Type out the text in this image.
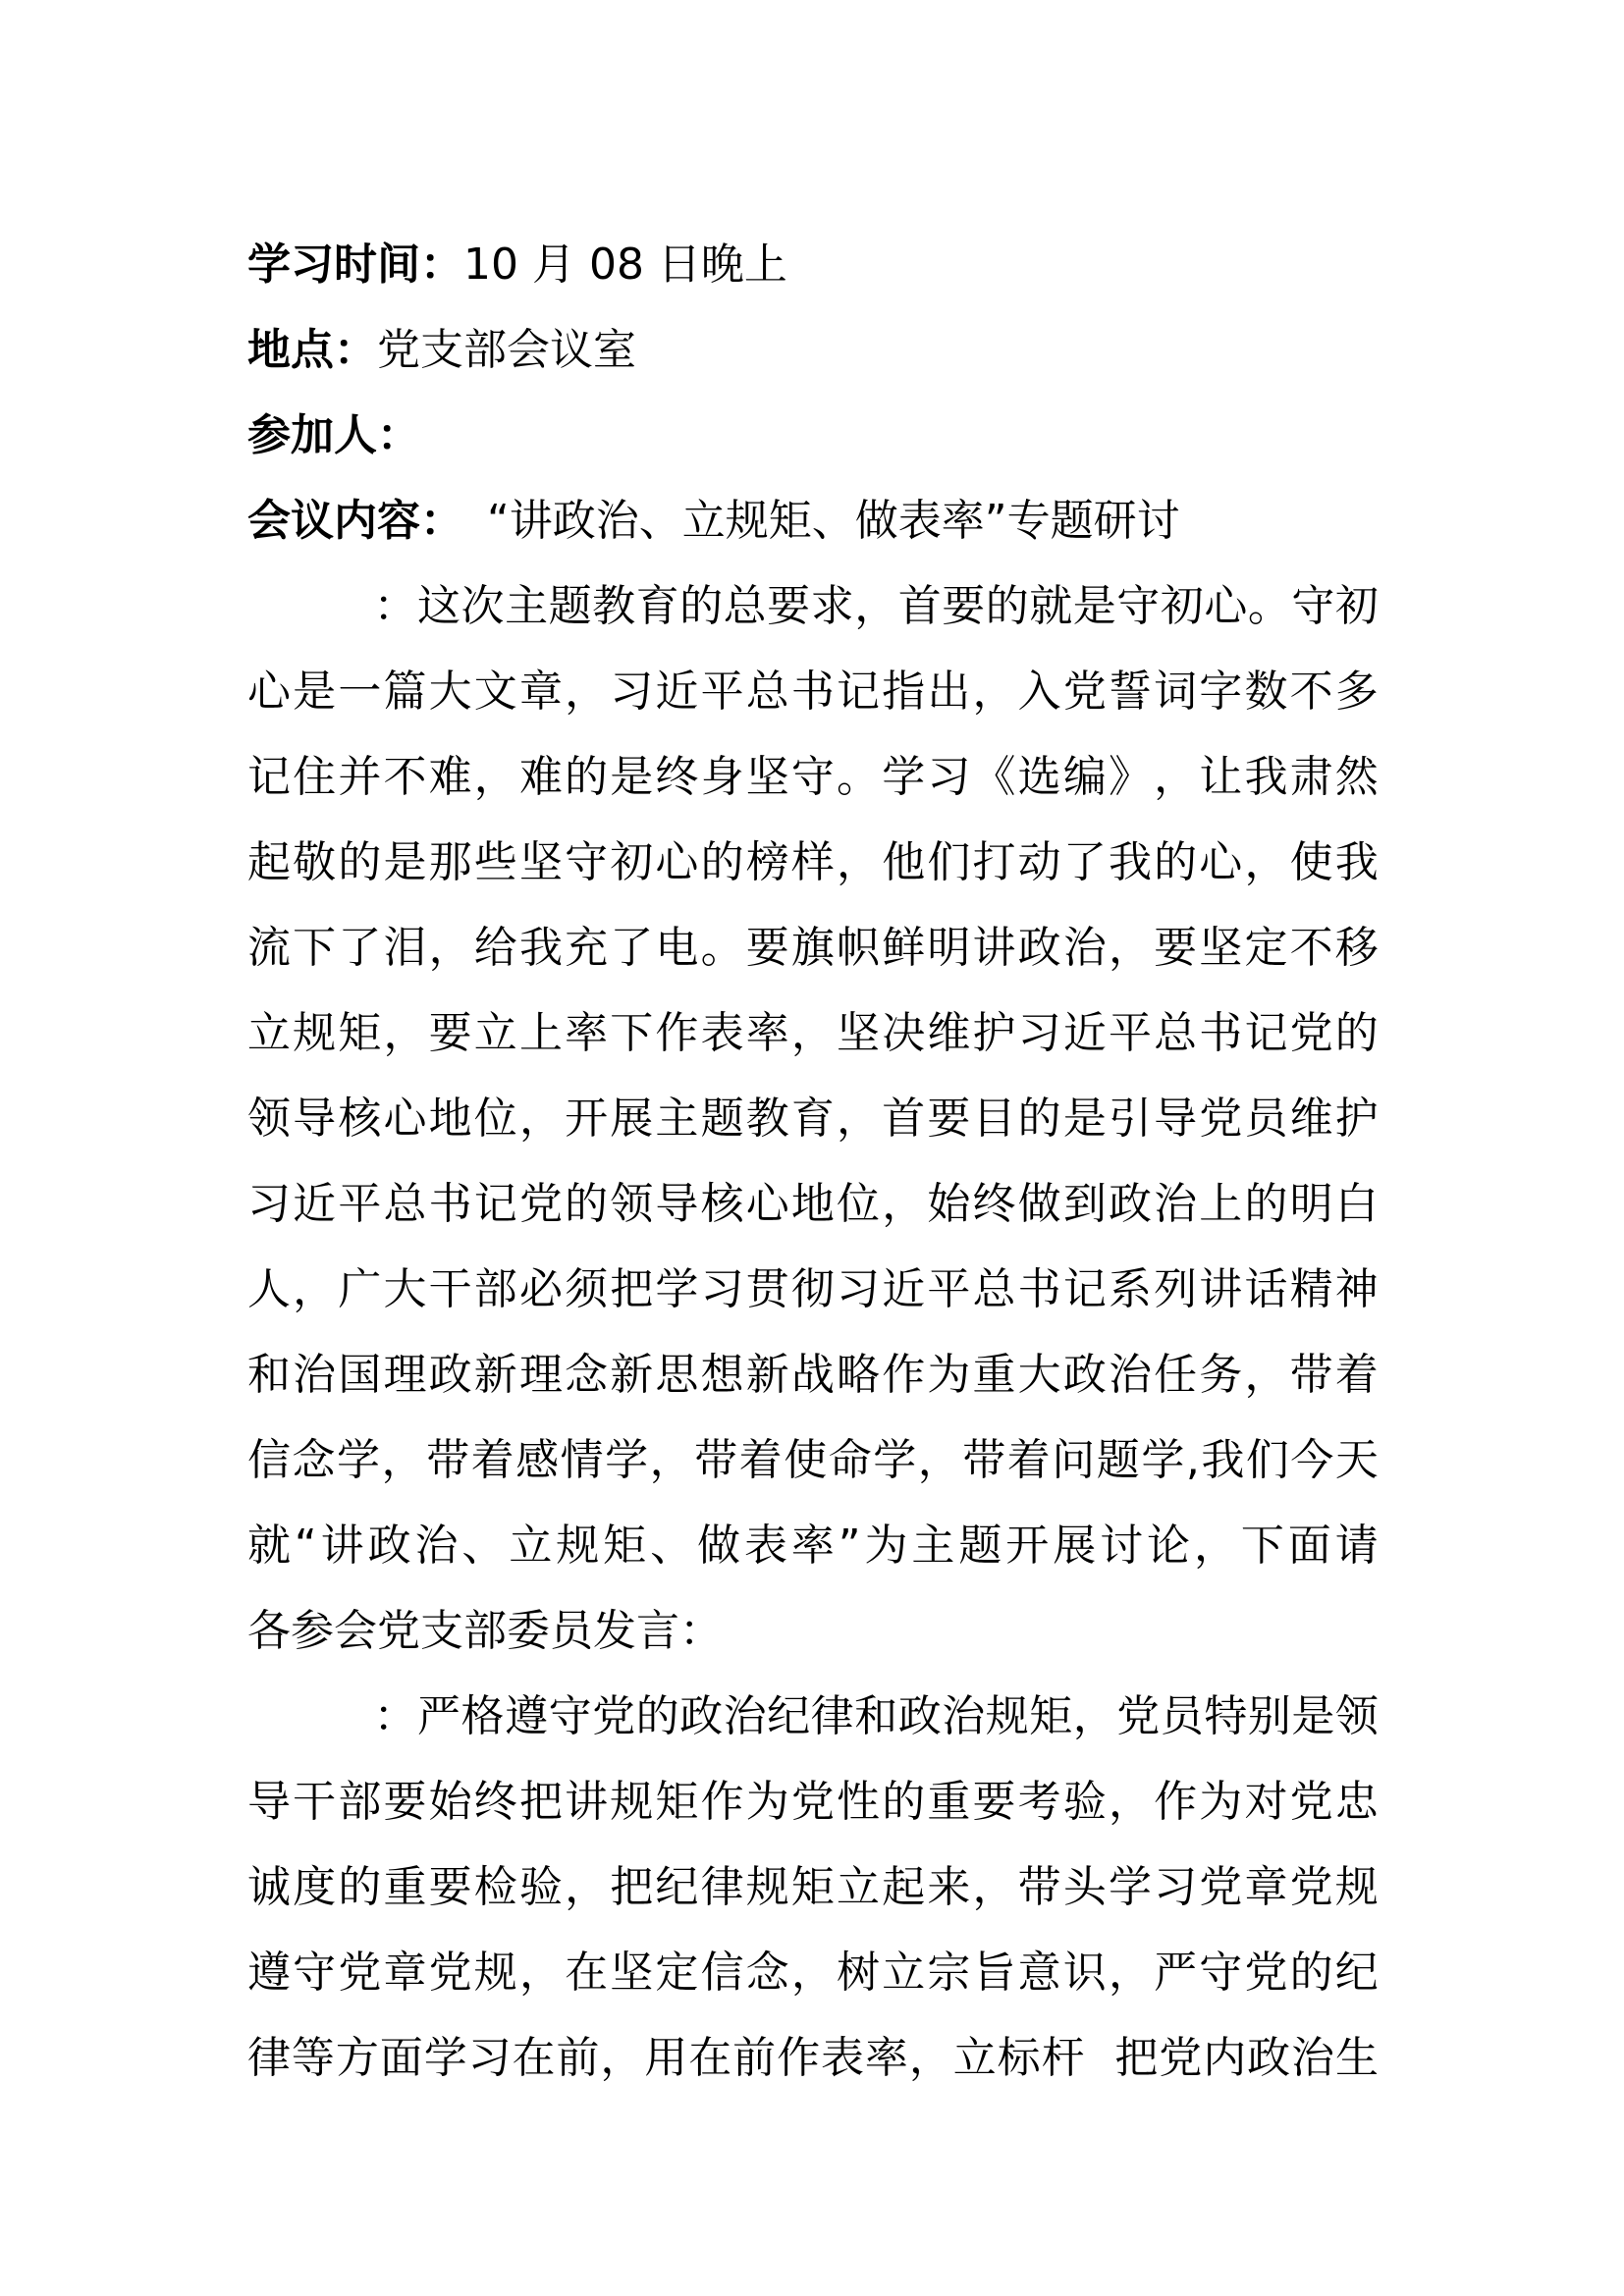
学习时间：10 月 08 日晚上
地点：党支部会议室
参加人：
会议内容： “讲政治、立规矩、做表率”专题研讨
： 这 次 主 题 教 育 的 总 要 求 ， 首 要 的 就 是 守 初 心 。 守 初
心 是 一 篇 大 文 章 ， 习 近 平 总 书 记 指 出 ， 入 党 誓 词 字 数 不 多
记 住 并 不 难 ， 难 的 是 终 身 坚 守 。 学 习 《 选 编 》 ， 让 我 肃 然
起 敬 的 是 那 些 坚 守 初 心 的 榜 样 ， 他 们 打 动 了 我 的 心 ， 使 我
流 下 了 泪 ， 给 我 充 了 电 。 要 旗 帜 鲜 明 讲 政 治 ， 要 坚 定 不 移
立 规 矩 ， 要 立 上 率 下 作 表 率 ， 坚 决 维 护 习 近 平 总 书 记 党 的
领 导 核 心 地 位 ， 开 展 主 题 教 育 ， 首 要 目 的 是 引 导 党 员 维 护
习 近 平 总 书 记 党 的 领 导 核 心 地 位 ， 始 终 做 到 政 治 上 的 明 白
人 ， 广 大 干 部 必 须 把 学 习 贯 彻 习 近 平 总 书 记 系 列 讲 话 精 神
和 治 国 理 政 新 理 念 新 思 想 新 战 略 作 为 重 大 政 治 任 务 ， 带 着
信 念 学 ， 带 着 感 情 学 ， 带 着 使 命 学 ， 带 着 问 题 学 , 我 们 今 天
就 “ 讲 政 治 、 立 规 矩 、 做 表 率 ” 为 主 题 开 展 讨 论 ， 下 面 请
各参会党支部委员发言：
： 严 格 遵 守 党 的 政 治 纪 律 和 政 治 规 矩 ， 党 员 特 别 是 领
导 干 部 要 始 终 把 讲 规 矩 作 为 党 性 的 重 要 考 验 ， 作 为 对 党 忠
诚 度 的 重 要 检 验 ， 把 纪 律 规 矩 立 起 来 ， 带 头 学 习 党 章 党 规
遵 守 党 章 党 规 ， 在 坚 定 信 念 ， 树 立 宗 旨 意 识 ， 严 守 党 的 纪
律 等 方 面 学 习 在 前 ， 用 在 前 作 表 率 ， 立 标 杆

把 党 内 政 治 生
